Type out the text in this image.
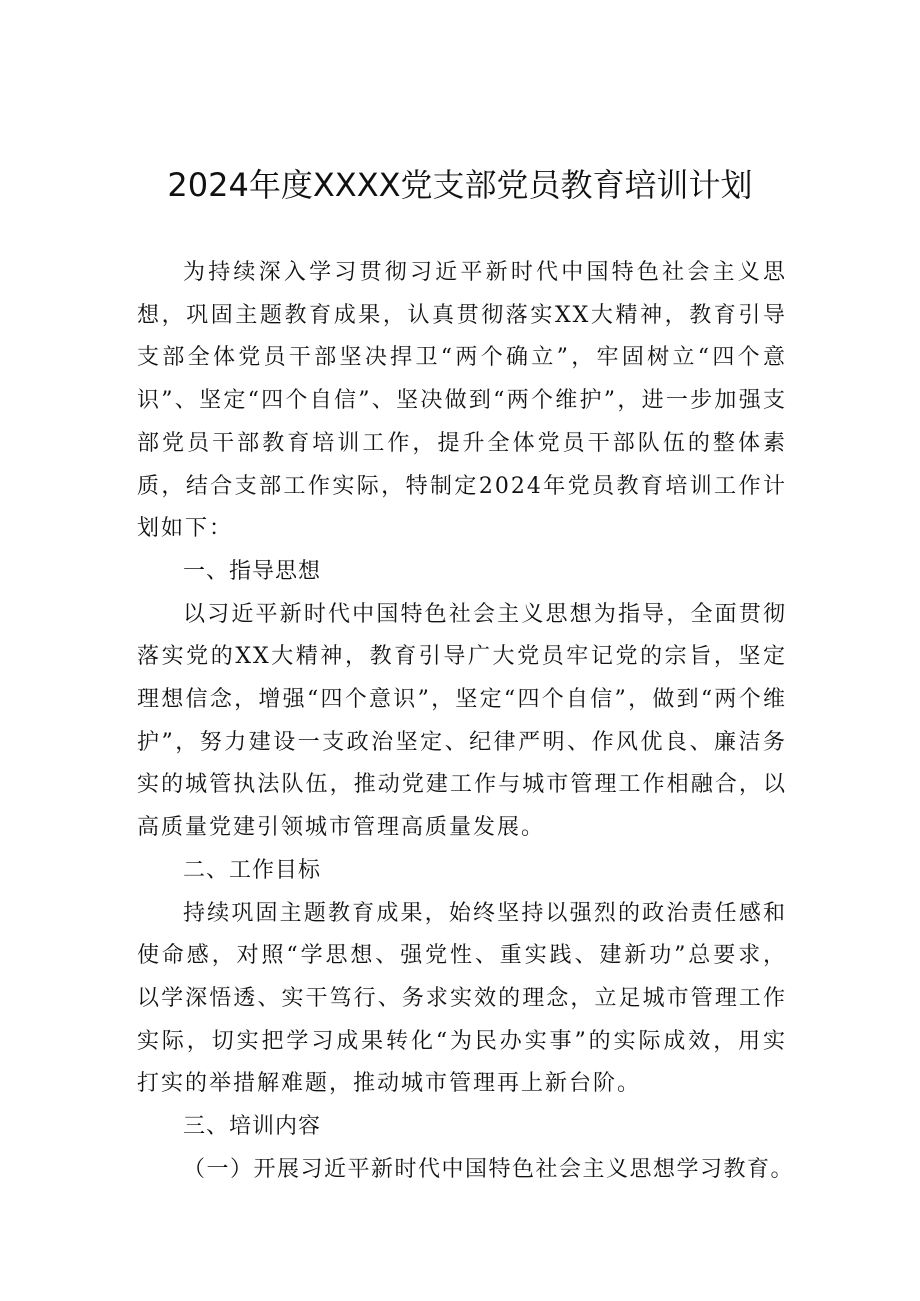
2024年度XXXX党支部党员教育培训计划

为持续深入学习贯彻习近平新时代中国特色社会主义思想，巩固主题教育成果，认真贯彻落实XX大精神，教育引导支部全体党员干部坚决捍卫“两个确立”，牢固树立“四个意识”、坚定“四个自信”、坚决做到“两个维护”，进一步加强支部党员干部教育培训工作，提升全体党员干部队伍的整体素质，结合支部工作实际，特制定2024年党员教育培训工作计划如下：

一、指导思想

以习近平新时代中国特色社会主义思想为指导，全面贯彻落实党的XX大精神，教育引导广大党员牢记党的宗旨，坚定理想信念，增强“四个意识”，坚定“四个自信”，做到“两个维护”，努力建设一支政治坚定、纪律严明、作风优良、廉洁务实的城管执法队伍，推动党建工作与城市管理工作相融合，以高质量党建引领城市管理高质量发展。

二、工作目标

持续巩固主题教育成果，始终坚持以强烈的政治责任感和使命感，对照“学思想、强党性、重实践、建新功”总要求，以学深悟透、实干笃行、务求实效的理念，立足城市管理工作实际，切实把学习成果转化“为民办实事”的实际成效，用实打实的举措解难题，推动城市管理再上新台阶。

三、培训内容

（一）开展习近平新时代中国特色社会主义思想学习教育。
